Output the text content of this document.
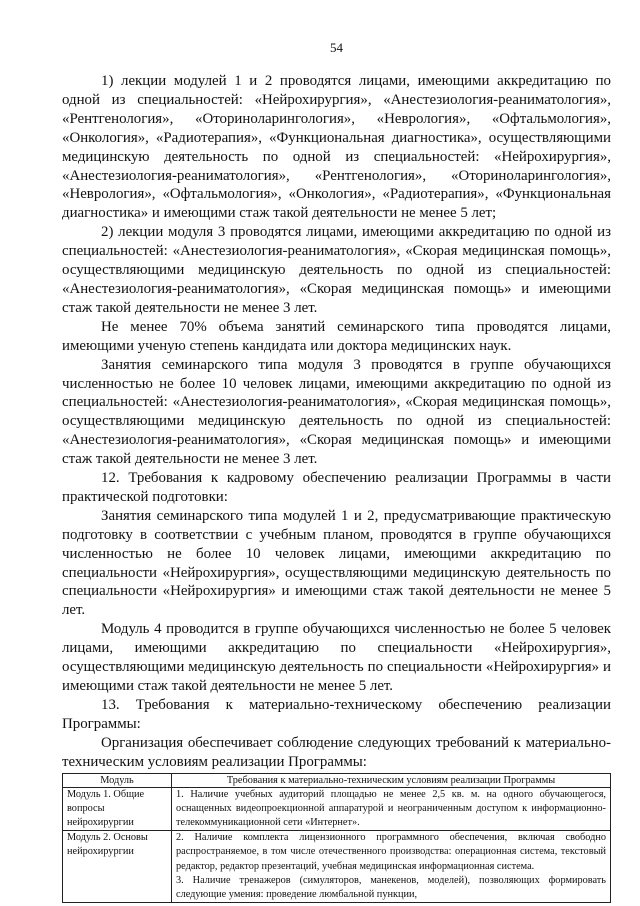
54

1) лекции модулей 1 и 2 проводятся лицами, имеющими аккредитацию по одной из специальностей: «Нейрохирургия», «Анестезиология-реаниматология», «Рентгенология», «Оториноларингология», «Неврология», «Офтальмология», «Онкология», «Радиотерапия», «Функциональная диагностика», осуществляющими медицинскую деятельность по одной из специальностей: «Нейрохирургия», «Анестезиология-реаниматология», «Рентгенология», «Оториноларингология», «Неврология», «Офтальмология», «Онкология», «Радиотерапия», «Функциональная диагностика» и имеющими стаж такой деятельности не менее 5 лет;

2) лекции модуля 3 проводятся лицами, имеющими аккредитацию по одной из специальностей: «Анестезиология-реаниматология», «Скорая медицинская помощь», осуществляющими медицинскую деятельность по одной из специальностей: «Анестезиология-реаниматология», «Скорая медицинская помощь» и имеющими стаж такой деятельности не менее 3 лет.

Не менее 70% объема занятий семинарского типа проводятся лицами, имеющими ученую степень кандидата или доктора медицинских наук.

Занятия семинарского типа модуля 3 проводятся в группе обучающихся численностью не более 10 человек лицами, имеющими аккредитацию по одной из специальностей: «Анестезиология-реаниматология», «Скорая медицинская помощь», осуществляющими медицинскую деятельность по одной из специальностей: «Анестезиология-реаниматология», «Скорая медицинская помощь» и имеющими стаж такой деятельности не менее 3 лет.

12. Требования к кадровому обеспечению реализации Программы в части практической подготовки:

Занятия семинарского типа модулей 1 и 2, предусматривающие практическую подготовку в соответствии с учебным планом, проводятся в группе обучающихся численностью не более 10 человек лицами, имеющими аккредитацию по специальности «Нейрохирургия», осуществляющими медицинскую деятельность по специальности «Нейрохирургия» и имеющими стаж такой деятельности не менее 5 лет.

Модуль 4 проводится в группе обучающихся численностью не более 5 человек лицами, имеющими аккредитацию по специальности «Нейрохирургия», осуществляющими медицинскую деятельность по специальности «Нейрохирургия» и имеющими стаж такой деятельности не менее 5 лет.

13. Требования к материально-техническому обеспечению реализации Программы:

Организация обеспечивает соблюдение следующих требований к материально-техническим условиям реализации Программы:

Модуль	Требования к материально-техническим условиям реализации Программы
Модуль 1. Общие вопросы нейрохирургии	1. Наличие учебных аудиторий площадью не менее 2,5 кв. м. на одного обучающегося, оснащенных видеопроекционной аппаратурой и неограниченным доступом к информационно-телекоммуникационной сети «Интернет».

Модуль 2. Основы нейрохирургии	2. Наличие комплекта лицензионного программного обеспечения, включая свободно распространяемое, в том числе отечественного производства: операционная система, текстовый редактор, редактор презентаций, учебная медицинская информационная система.

3. Наличие тренажеров (симуляторов, манекенов, моделей), позволяющих формировать следующие умения: проведение люмбальной пункции,
